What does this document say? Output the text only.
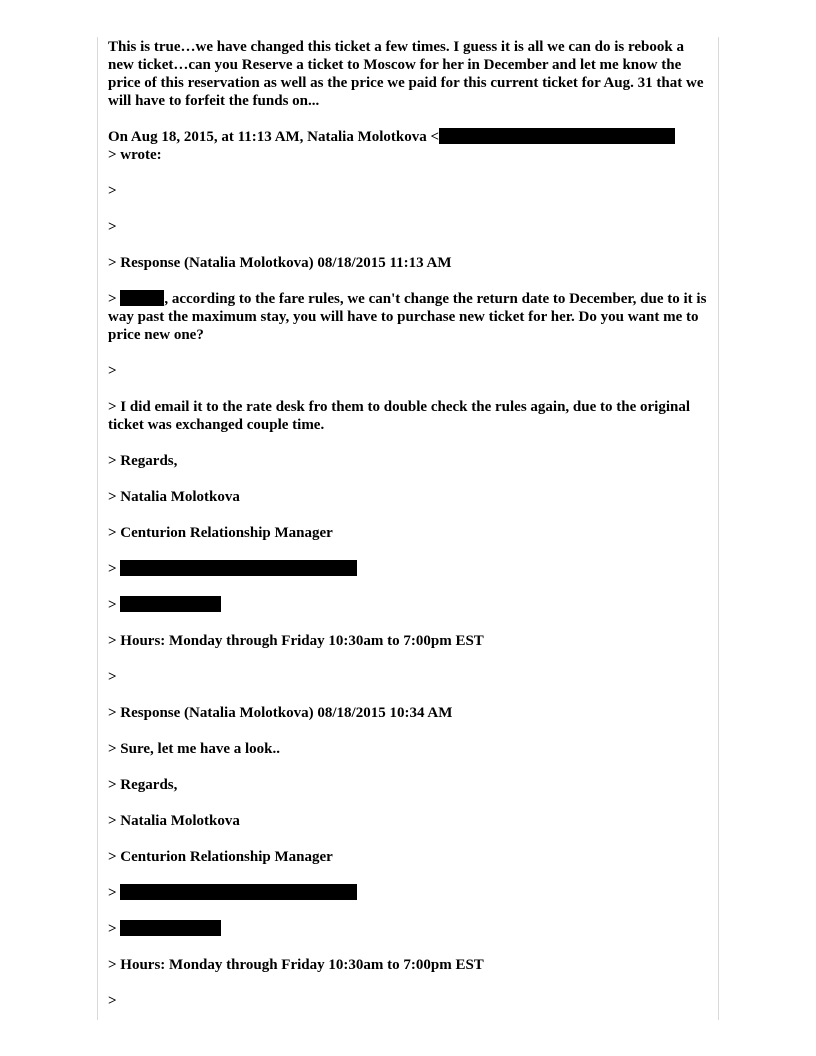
This is true…we have changed this ticket a few times. I guess it is all we can do is rebook a new ticket…can you Reserve a ticket to Moscow for her in December and let me know the price of this reservation as well as the price we paid for this current ticket for Aug. 31 that we will have to forfeit the funds on...

On Aug 18, 2015, at 11:13 AM, Natalia Molotkova <
> wrote:

>

>

> Response (Natalia Molotkova) 08/18/2015 11:13 AM

>	, according to the fare rules, we can't change the return date to December, due to it is way past the maximum stay, you will have to purchase new ticket for her. Do you want me to price new one?

>

> I did email it to the rate desk fro them to double check the rules again, due to the original ticket was exchanged couple time.

> Regards,

> Natalia Molotkova

> Centurion Relationship Manager

>

>

> Hours: Monday through Friday 10:30am to 7:00pm EST

>

> Response (Natalia Molotkova) 08/18/2015 10:34 AM

> Sure, let me have a look..

> Regards,

> Natalia Molotkova

> Centurion Relationship Manager

>

>

> Hours: Monday through Friday 10:30am to 7:00pm EST

>
